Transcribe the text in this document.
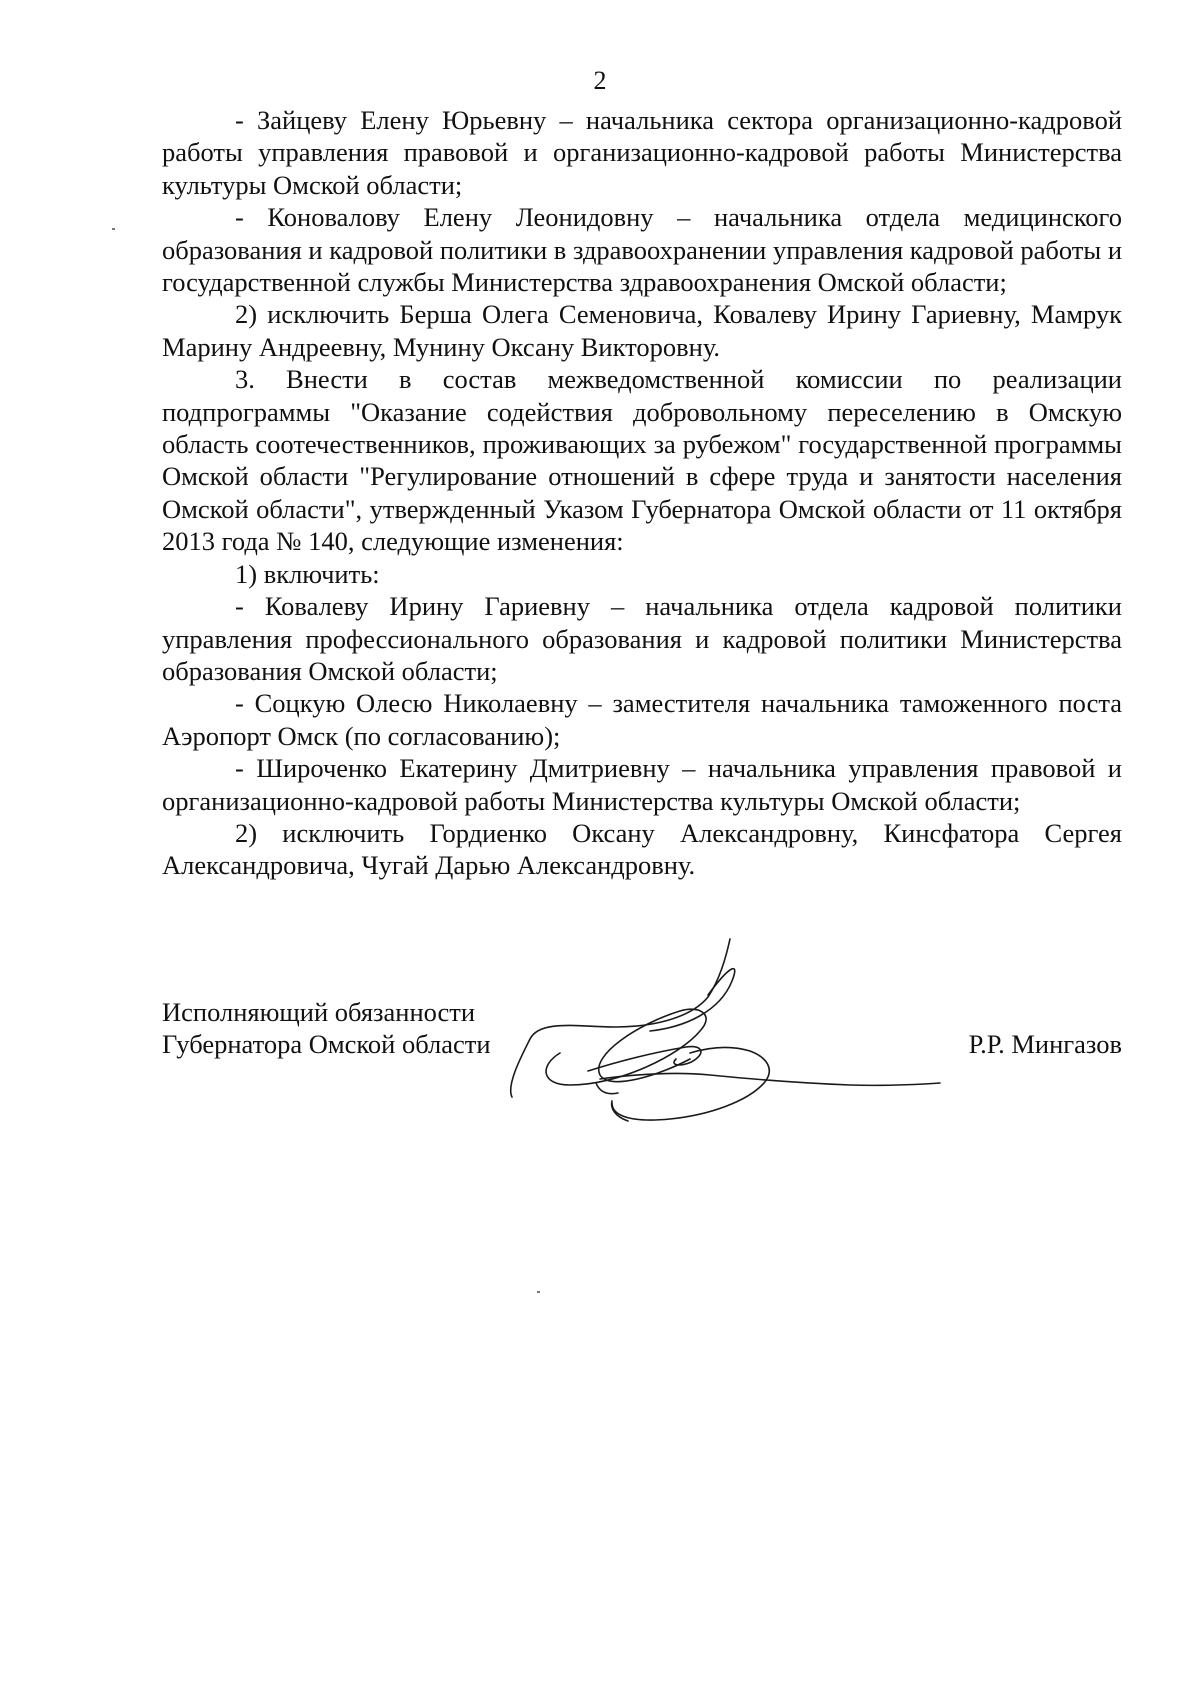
2

- Зайцеву Елену Юрьевну – начальника сектора организационно-кадровой работы управления правовой и организационно-кадровой работы Министерства культуры Омской области;

- Коновалову Елену Леонидовну – начальника отдела медицинского образования и кадровой политики в здравоохранении управления кадровой работы и государственной службы Министерства здравоохранения Омской области;

2) исключить Берша Олега Семеновича, Ковалеву Ирину Гариевну, Мамрук Марину Андреевну, Мунину Оксану Викторовну.

3. Внести в состав межведомственной комиссии по реализации подпрограммы "Оказание содействия добровольному переселению в Омскую область соотечественников, проживающих за рубежом" государственной программы Омской области "Регулирование отношений в сфере труда и занятости населения Омской области", утвержденный Указом Губернатора Омской области от 11 октября 2013 года № 140, следующие изменения:

1) включить:

- Ковалеву Ирину Гариевну – начальника отдела кадровой политики управления профессионального образования и кадровой политики Министерства образования Омской области;

- Соцкую Олесю Николаевну – заместителя начальника таможенного поста Аэропорт Омск (по согласованию);

- Широченко Екатерину Дмитриевну – начальника управления правовой и организационно-кадровой работы Министерства культуры Омской области;

2) исключить Гордиенко Оксану Александровну, Кинсфатора Сергея Александровича, Чугай Дарью Александровну.

Исполняющий обязанности
Губернатора Омской области	Р.Р. Мингазов
